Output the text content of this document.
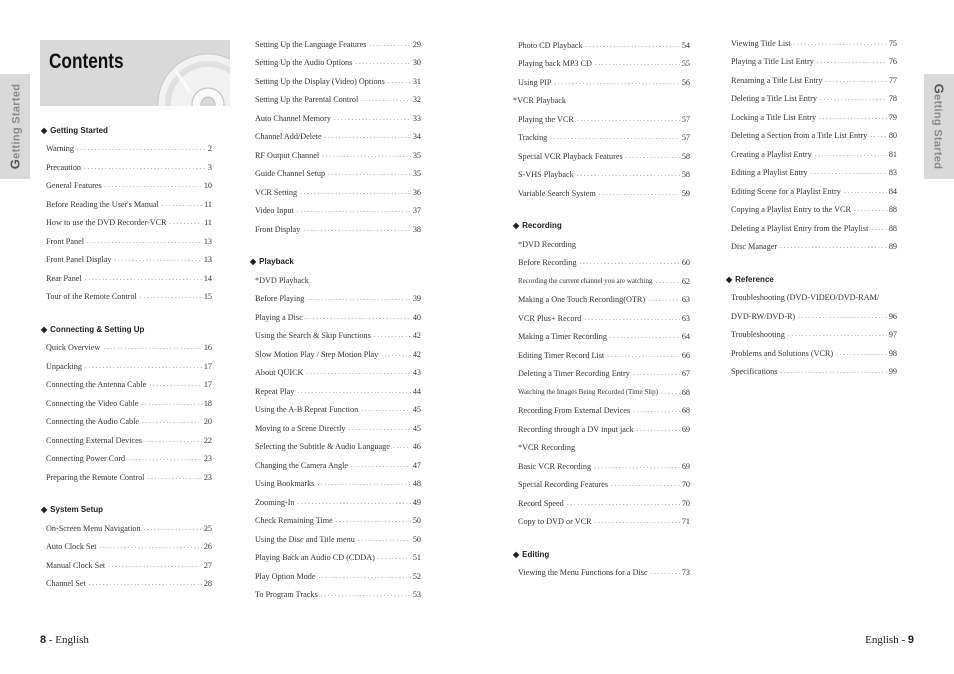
Getting Started	Getting Started
Contents
◆ Getting Started
Warning . . .	2
Precaution . . .	3
General Features . . .	10
Before Reading the User's Manual . . .	11
How to use the DVD Recorder-VCR . . .	11
Front Panel . . .	13
Front Panel Display . . .	13
Rear Panel . . .	14
Tour of the Remote Control . . .	15
◆ Connecting & Setting Up
Quick Overview . . .	16
Unpacking . . .	17
Connecting the Antenna Cable . . .	17
Connecting the Video Cable . . .	18
Connecting the Audio Cable . . .	20
Connecting External Devices . . .	22
Connecting Power Cord . . .	23
Preparing the Remote Control . . .	23
◆ System Setup
On-Screen Menu Navigation . . .	25
Auto Clock Set . . .	26
Manual Clock Set . . .	27
Channel Set . . .	28
Setting Up the Language Features . . .	29
Setting Up the Audio Options . . .	30
Setting Up the Display (Video) Options . . .	31
Setting Up the Parental Control . . .	32
Auto Channel Memory . . .	33
Channel Add/Delete . . .	34
RF Output Channel . . .	35
Guide Channel Setup . . .	35
VCR Setting . . .	36
Video Input . . .	37
Front Display . . .	38
◆ Playback
*DVD Playback
Before Playing . . .	39
Playing a Disc . . .	40
Using the Search & Skip Functions . . .	42
Slow Motion Play / Step Motion Play . . .	42
About QUICK . . .	43
Repeat Play . . .	44
Using the A-B Repeat Function . . .	45
Moving to a Scene Directly . . .	45
Selecting the Subtitle & Audio Language . . .	46
Changing the Camera Angle . . .	47
Using Bookmarks . . .	48
Zooming-In . . .	49
Check Remaining Time . . .	50
Using the Disc and Title menu . . .	50
Playing Back an Audio CD (CDDA) . . .	51
Play Option Mode . . .	52
To Program Tracks . . .	53
Photo CD Playback . . .	54
Playing back MP3 CD . . .	55
Using PIP . . .	56
*VCR Playback
Playing the VCR . . .	57
Tracking . . .	57
Special VCR Playback Features . . .	58
S-VHS Playback . . .	58
Variable Search System . . .	59
◆ Recording
*DVD Recording
Before Recording . . .	60
Recording the current channel you are watching . . .	62
Making a One Touch Recording(OTR) . . .	63
VCR Plus+ Record . . .	63
Making a Timer Recording . . .	64
Editing Timer Record List . . .	66
Deleting a Timer Recording Entry . . .	67
Watching the Images Being Recorded (Time Slip) . . .	68
Recording From External Devices . . .	68
Recording through a DV input jack . . .	69
*VCR Recording
Basic VCR Recording . . .	69
Special Recording Features . . .	70
Record Speed . . .	70
Copy to DVD or VCR . . .	71
◆ Editing
Viewing the Menu Functions for a Disc . . .	73
Viewing Title List . . .	75
Playing a Title List Entry . . .	76
Renaming a Title List Entry . . .	77
Deleting a Title List Entry . . .	78
Locking a Title List Entry . . .	79
Deleting a Section from a Title List Entry . . .	80
Creating a Playlist Entry . . .	81
Editing a Playlist Entry . . .	83
Editing Scene for a Playlist Entry . . .	84
Copying a Playlist Entry to the VCR . . .	88
Deleting a Playlist Entry from the Playlist . . . 88
Disc Manager . . .	89
◆ Reference
Troubleshooting (DVD-VIDEO/DVD-RAM/
DVD-RW/DVD-R) . . .	96
Troubleshooting . . .	97
Problems and Solutions (VCR) . . .	98
Specifications . . .	99
8 - English	English - 9
